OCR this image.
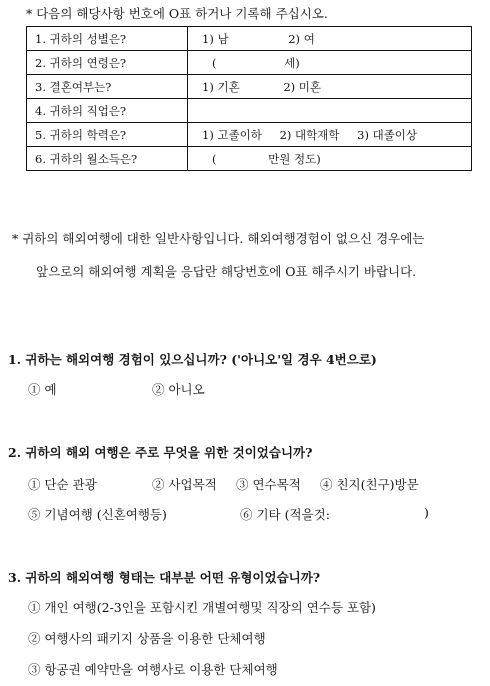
* 다음의 해당사항 번호에 O표 하거나 기록해 주십시오.
1. 귀하의 성별은?	1) 남 2) 여
2. 귀하의 연령은?	( 세)
3. 결혼여부는?	1) 기혼 2) 미혼
4. 귀하의 직업은?	
5. 귀하의 학력은?	1) 고졸이하 2) 대학재학 3) 대졸이상
6. 귀하의 월소득은?	( 만원 정도)
* 귀하의 해외여행에 대한 일반사항입니다. 해외여행경험이 없으신 경우에는
앞으로의 해외여행 계획을 응답란 해당번호에 O표 해주시기 바랍니다.
1. 귀하는 해외여행 경험이 있으십니까? ('아니오'일 경우 4번으로)
① 예	② 아니오
2. 귀하의 해외 여행은 주로 무엇을 위한 것이었습니까?
① 단순 관광	② 사업목적 ③ 연수목적 ④ 친지(친구)방문
⑤ 기념여행 (신혼여행등)	⑥ 기타 (적을것:	)
3. 귀하의 해외여행 형태는 대부분 어떤 유형이었습니까?
① 개인 여행(2-3인을 포함시킨 개별여행및 직장의 연수등 포함)
② 여행사의 패키지 상품을 이용한 단체여행
③ 항공권 예약만을 여행사로 이용한 단체여행
